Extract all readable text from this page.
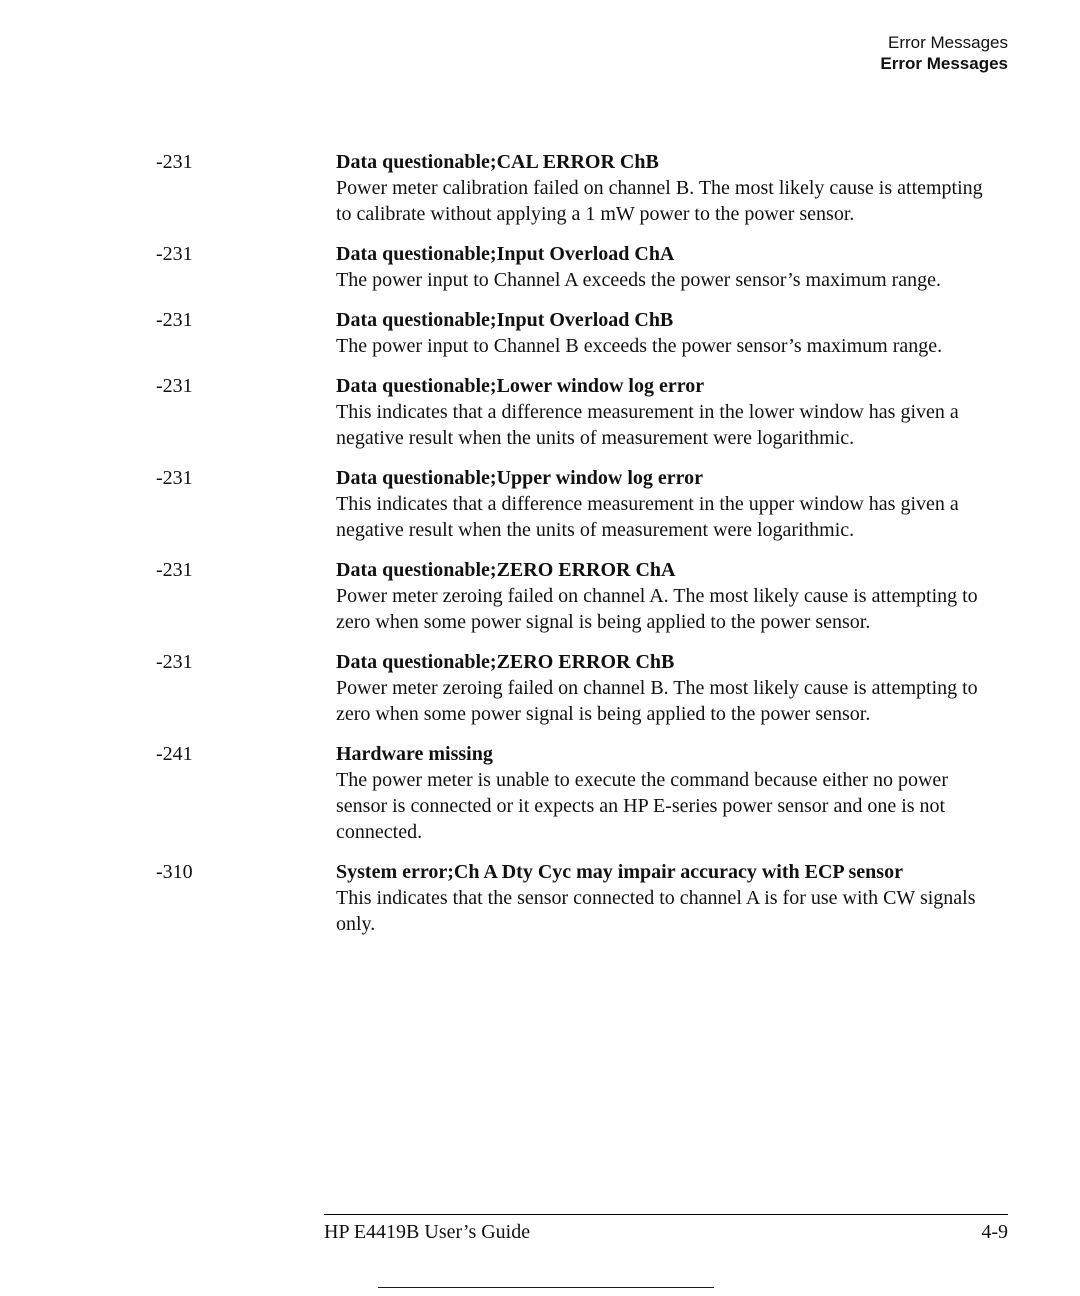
Error Messages
Error Messages
-231	Data questionable;CAL ERROR ChB
Power meter calibration failed on channel B. The most likely cause is attempting to calibrate without applying a 1 mW power to the power sensor.
-231	Data questionable;Input Overload ChA
The power input to Channel A exceeds the power sensor’s maximum range.
-231	Data questionable;Input Overload ChB
The power input to Channel B exceeds the power sensor’s maximum range.
-231	Data questionable;Lower window log error
This indicates that a difference measurement in the lower window has given a negative result when the units of measurement were logarithmic.
-231	Data questionable;Upper window log error
This indicates that a difference measurement in the upper window has given a negative result when the units of measurement were logarithmic.
-231	Data questionable;ZERO ERROR ChA
Power meter zeroing failed on channel A. The most likely cause is attempting to zero when some power signal is being applied to the power sensor.
-231	Data questionable;ZERO ERROR ChB
Power meter zeroing failed on channel B. The most likely cause is attempting to zero when some power signal is being applied to the power sensor.
-241	Hardware missing
The power meter is unable to execute the command because either no power sensor is connected or it expects an HP E-series power sensor and one is not connected.
-310	System error;Ch A Dty Cyc may impair accuracy with ECP sensor
This indicates that the sensor connected to channel A is for use with CW signals only.
HP E4419B User’s Guide	4-9
